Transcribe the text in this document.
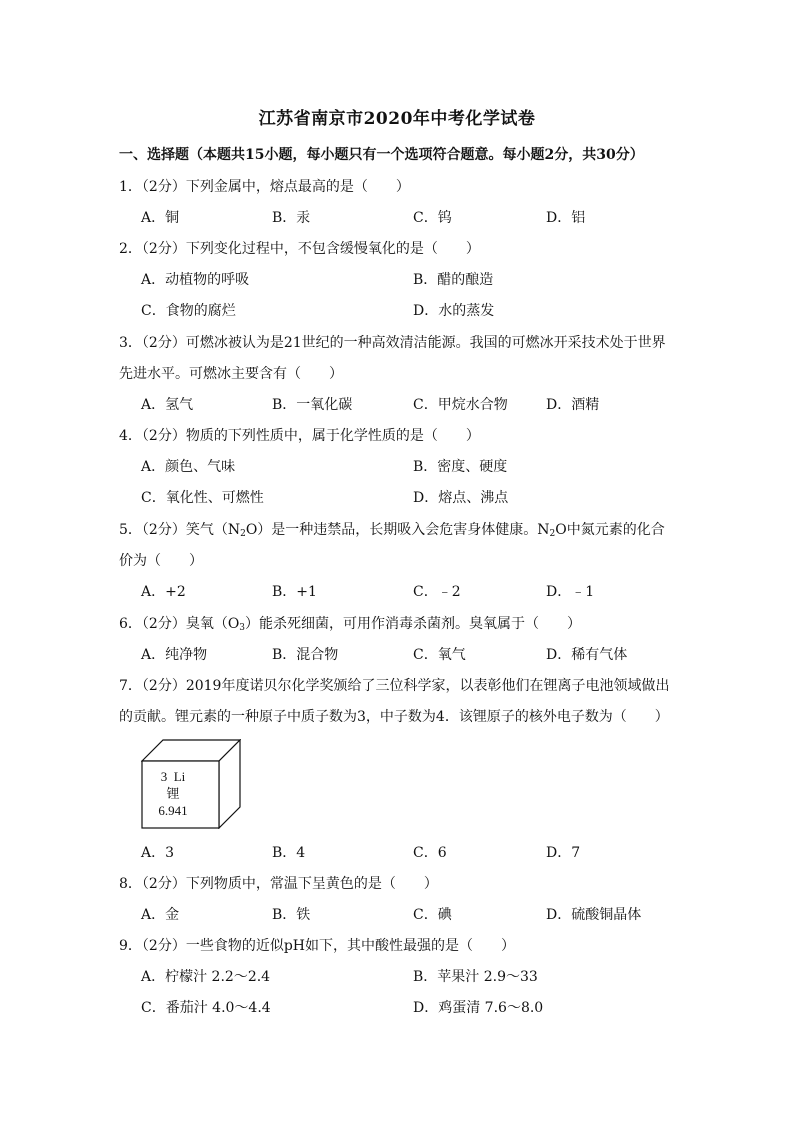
江苏省南京市2020年中考化学试卷
一、选择题（本题共15小题，每小题只有一个选项符合题意。每小题2分，共30分）
1．（2分）下列金属中，熔点最高的是（　　）
A．铜	B．汞	C．钨	D．铝
2．（2分）下列变化过程中，不包含缓慢氧化的是（　　）
A．动植物的呼吸	B．醋的酿造
C．食物的腐烂	D．水的蒸发
3．（2分）可燃冰被认为是21世纪的一种高效清洁能源。我国的可燃冰开采技术处于世界
先进水平。可燃冰主要含有（　　）
A．氢气	B．一氧化碳	C．甲烷水合物	D．酒精
4．（2分）物质的下列性质中，属于化学性质的是（　　）
A．颜色、气味	B．密度、硬度
C．氧化性、可燃性	D．熔点、沸点
5．（2分）笑气$(N_2O)$是一种违禁品，长期吸入会危害身体健康。$N_2O$中氮元素的化合
价为（　　）
A．+2	B．+1	C．﹣2	D．﹣1
6．（2分）臭氧$(O_3)$能杀死细菌，可用作消毒杀菌剂。臭氧属于（　　）
A．纯净物	B．混合物	C．氧气	D．稀有气体
7．（2分）2019年度诺贝尔化学奖颁给了三位科学家，以表彰他们在锂离子电池领域做出
的贡献。锂元素的一种原子中质子数为3，中子数为4．该锂原子的核外电子数为（　　）
3 Li
锂
6.941
A．3	B．4	C．6	D．7
8．（2分）下列物质中，常温下呈黄色的是（　　）
A．金	B．铁	C．碘	D．硫酸铜晶体
9．（2分）一些食物的近似pH如下，其中酸性最强的是（　　）
A．柠檬汁 2.2～2.4	B．苹果汁 2.9～33
C．番茄汁 4.0～4.4	D．鸡蛋清 7.6～8.0
